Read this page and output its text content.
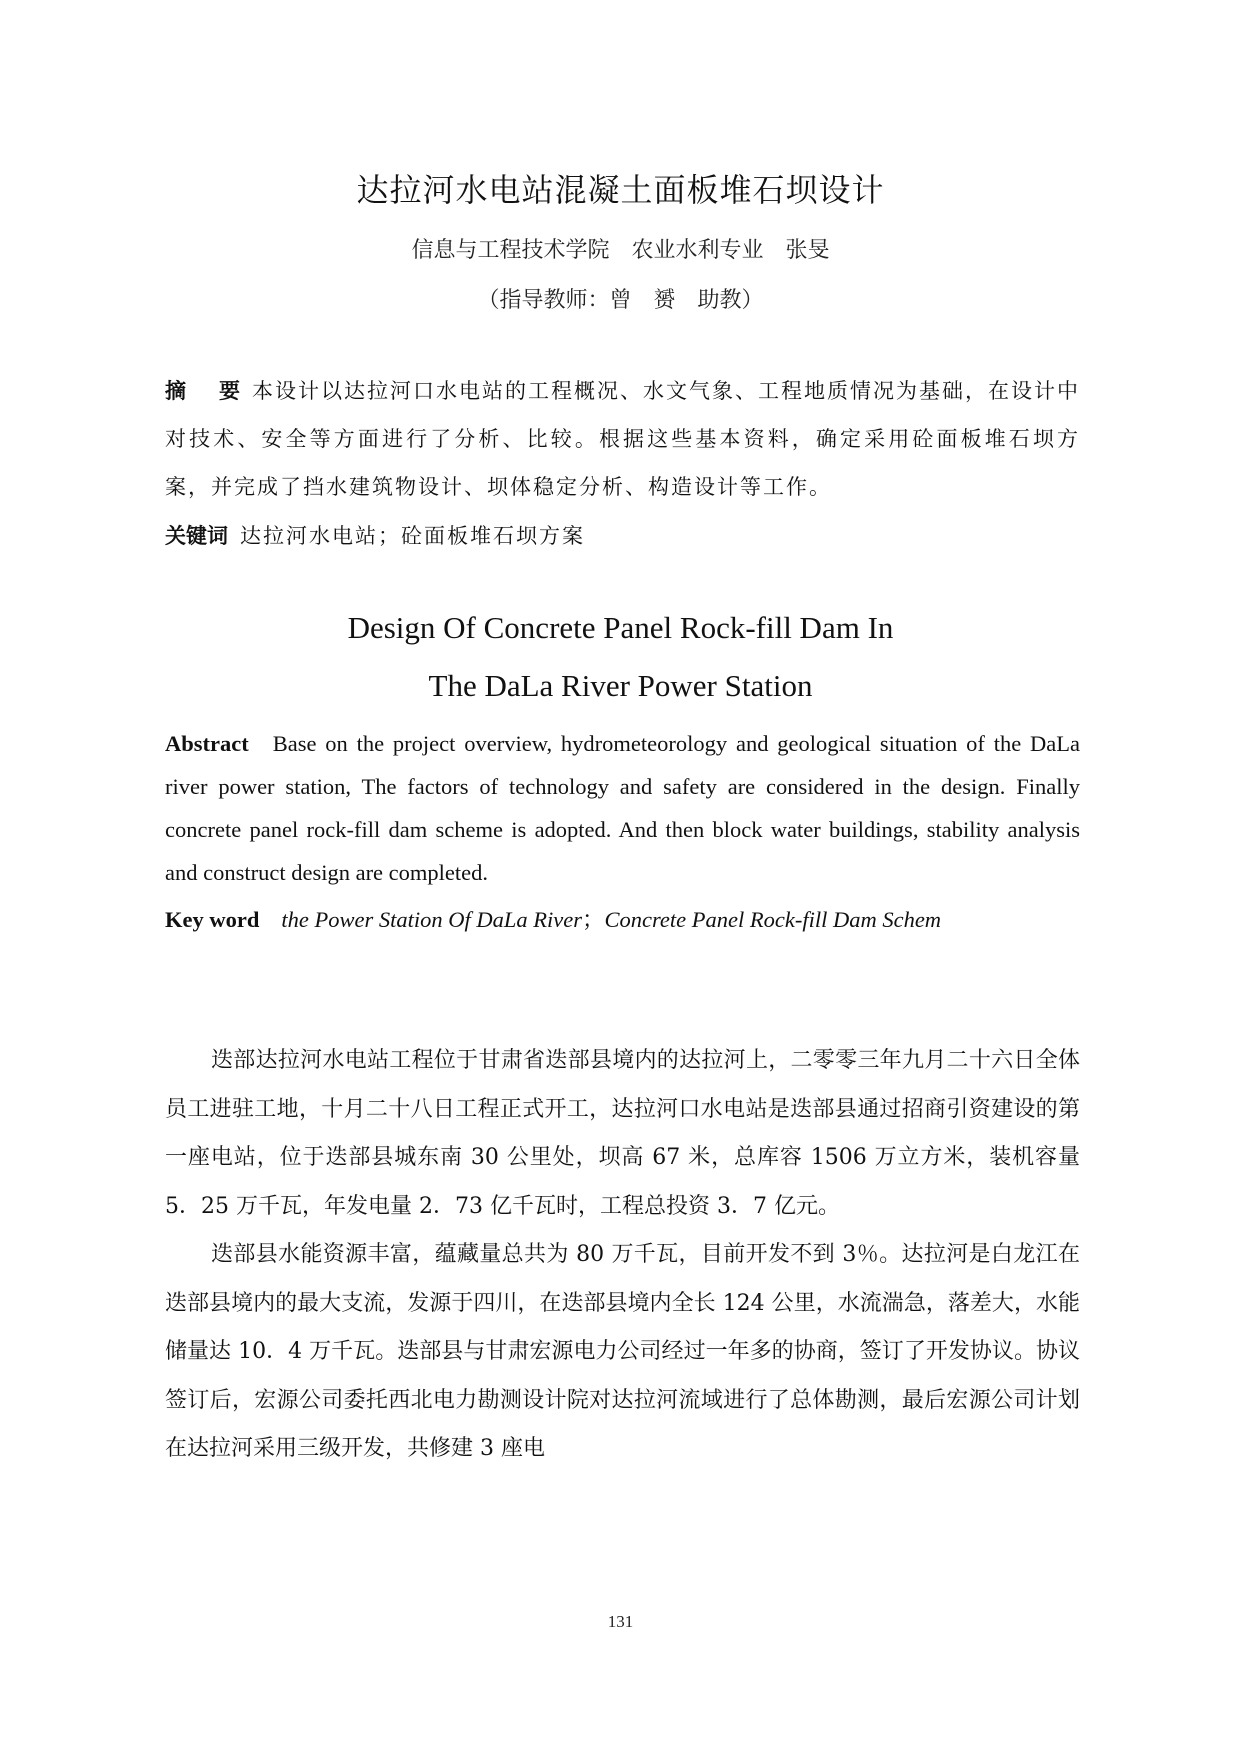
达拉河水电站混凝土面板堆石坝设计
信息与工程技术学院　农业水利专业　张旻
（指导教师：曾　赟　助教）
摘　要 本设计以达拉河口水电站的工程概况、水文气象、工程地质情况为基础，在设计中对技术、安全等方面进行了分析、比较。根据这些基本资料，确定采用砼面板堆石坝方案，并完成了挡水建筑物设计、坝体稳定分析、构造设计等工作。
关键词 达拉河水电站；砼面板堆石坝方案
Design Of Concrete Panel Rock-fill Dam In
The DaLa River Power Station
Abstract Base on the project overview, hydrometeorology and geological situation of the DaLa river power station, The factors of technology and safety are considered in the design. Finally concrete panel rock-fill dam scheme is adopted. And then block water buildings, stability analysis and construct design are completed.
Key word the Power Station Of DaLa River；Concrete Panel Rock-fill Dam Schem

迭部达拉河水电站工程位于甘肃省迭部县境内的达拉河上，二零零三年九月二十六日全体员工进驻工地，十月二十八日工程正式开工，达拉河口水电站是迭部县通过招商引资建设的第一座电站，位于迭部县城东南 30 公里处，坝高 67 米，总库容 1506 万立方米，装机容量 5．25 万千瓦，年发电量 2．73 亿千瓦时，工程总投资 3．7 亿元。

迭部县水能资源丰富，蕴藏量总共为 80 万千瓦，目前开发不到 3％。达拉河是白龙江在迭部县境内的最大支流，发源于四川，在迭部县境内全长 124 公里，水流湍急，落差大，水能储量达 10．4 万千瓦。迭部县与甘肃宏源电力公司经过一年多的协商，签订了开发协议。协议签订后，宏源公司委托西北电力勘测设计院对达拉河流域进行了总体勘测，最后宏源公司计划在达拉河采用三级开发，共修建 3 座电

131
